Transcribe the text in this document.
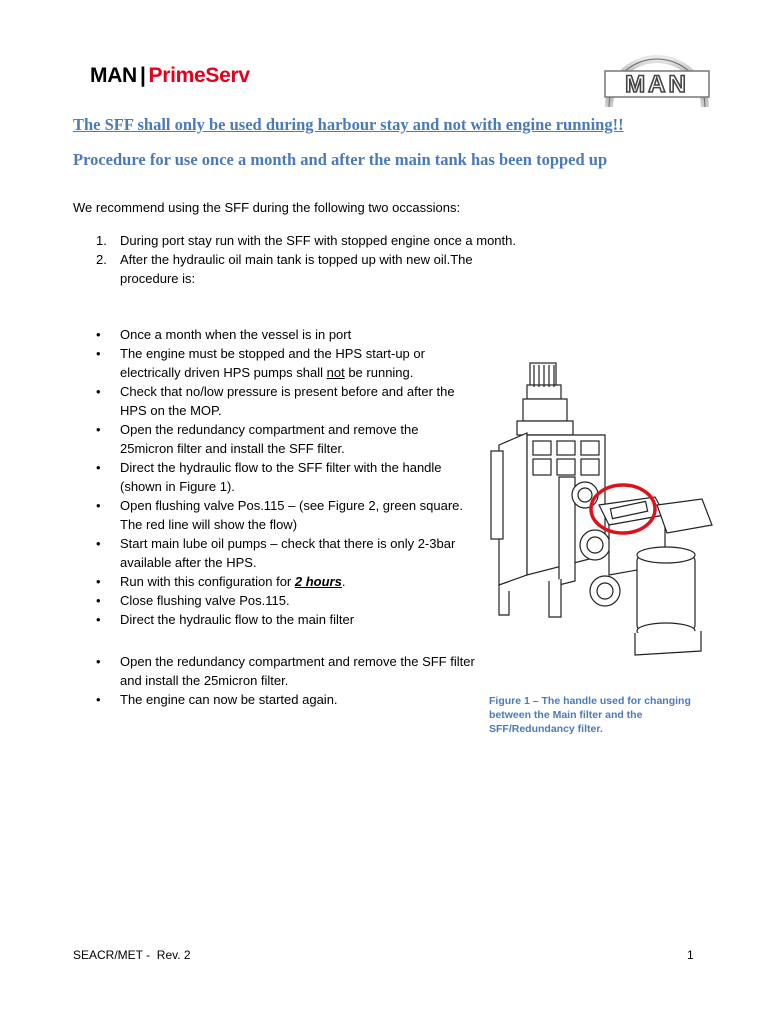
MAN | PrimeServ	MAN
The SFF shall only be used during harbour stay and not with engine running!!
Procedure for use once a month and after the main tank has been topped up
We recommend using the SFF during the following two occassions:
1. During port stay run with the SFF with stopped engine once a month.
2. After the hydraulic oil main tank is topped up with new oil.The procedure is:
• Once a month when the vessel is in port
• The engine must be stopped and the HPS start-up or electrically driven HPS pumps shall not be running.
• Check that no/low pressure is present before and after the HPS on the MOP.
• Open the redundancy compartment and remove the 25micron filter and install the SFF filter.
• Direct the hydraulic flow to the SFF filter with the handle (shown in Figure 1).
• Open flushing valve Pos.115 – (see Figure 2, green square. The red line will show the flow)
• Start main lube oil pumps – check that there is only 2-3bar available after the HPS.
• Run with this configuration for 2 hours.
• Close flushing valve Pos.115.
• Direct the hydraulic flow to the main filter
• Open the redundancy compartment and remove the SFF filter and install the 25micron filter.
• The engine can now be started again.	Figure 1 – The handle used for changing between the Main filter and the SFF/Redundancy filter.
SEACR/MET -  Rev. 2	1
